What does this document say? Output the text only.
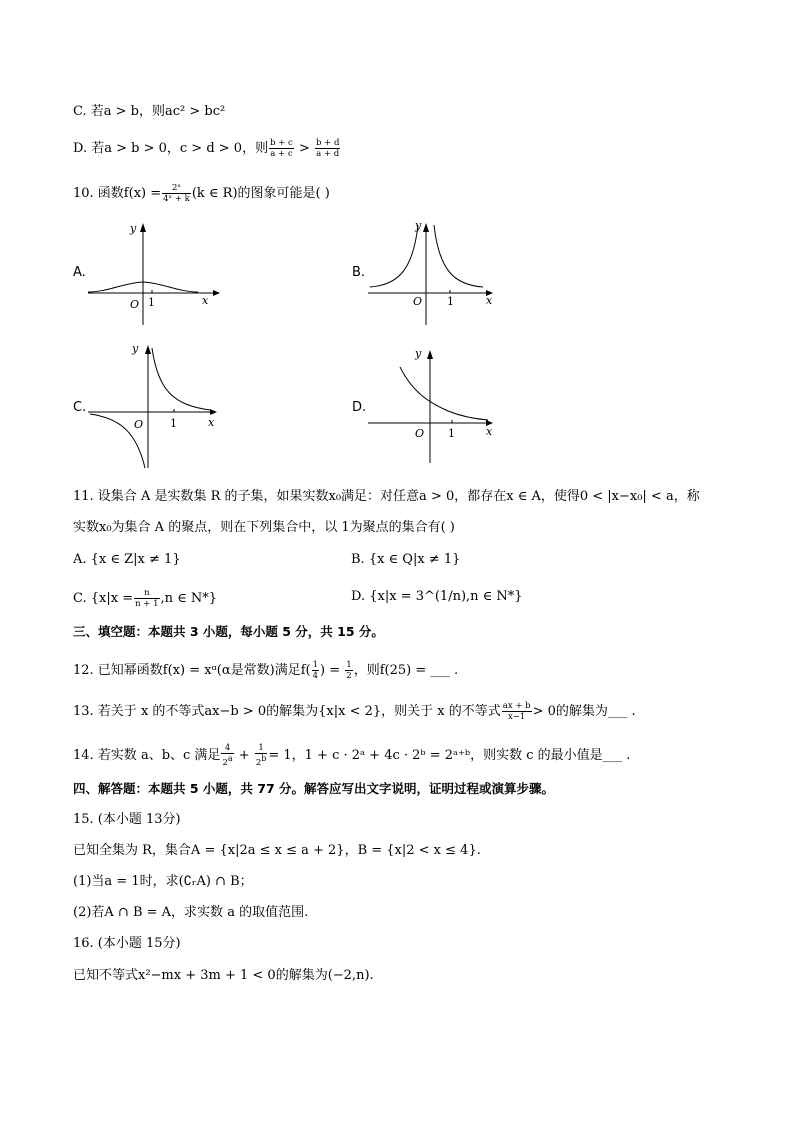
C. 若a > b，则ac² > bc²
D. 若a > b > 0，c > d > 0，则 $\frac{b + c}{a + c} > \frac{b + d}{a + d}$
10. 函数$f(x) = \frac{\text{2ˣ}}{\text{4ˣ + k}} (k$ ∈ R)的图象可能是( )
A.
y
x
O 1
B.
y
x
O 1
C.
y
x
O 1
D.
y
x
O 1
11. 设集合 A 是实数集 R 的子集，如果实数x₀满足：对任意a > 0，都存在x ∈ A，使得0 < |x−x₀| < a，称
实数x₀为集合 A 的聚点，则在下列集合中，以 1为聚点的集合有( )
A. {x ∈ Z|x ≠ 1}	B. {x ∈ Q|x ≠ 1}
C. {$x|x = \frac{n}{n + 1} ,n$ ∈ N*}	D. {x|x = 3^(1/n),n ∈ N*}
三、填空题：本题共 3 小题，每小题 5 分，共 15 分。
12. 已知幂函数f(x) = xᵅ(α是常数)满足$f( \frac{1}{4}$ ) = $\frac{1}{2}$ ，则f(25) = ___ .
13. 若关于 x 的不等式ax−b > 0的解集为{x|x < 2}，则关于 x 的不等式 $\frac{ax + b}{x-1} > 0$的解集为___ .
14. 若实数 a、b、c 满足 $\frac{4}{2^a} + \frac{1}{2^b} = 1$，1 + c · 2ᵃ + 4c · 2ᵇ = 2ᵃ⁺ᵇ，则实数 c 的最小值是___ .
四、解答题：本题共 5 小题，共 77 分。解答应写出文字说明，证明过程或演算步骤。
15. (本小题 13分)
已知全集为 R，集合A = {x|2a ≤ x ≤ a + 2}，B = {x|2 < x ≤ 4}.
(1)当a = 1时，求(∁ᵣA) ∩ B；
(2)若A ∩ B = A，求实数 a 的取值范围.
16. (本小题 15分)
已知不等式x²−mx + 3m + 1 < 0的解集为(−2,n).
